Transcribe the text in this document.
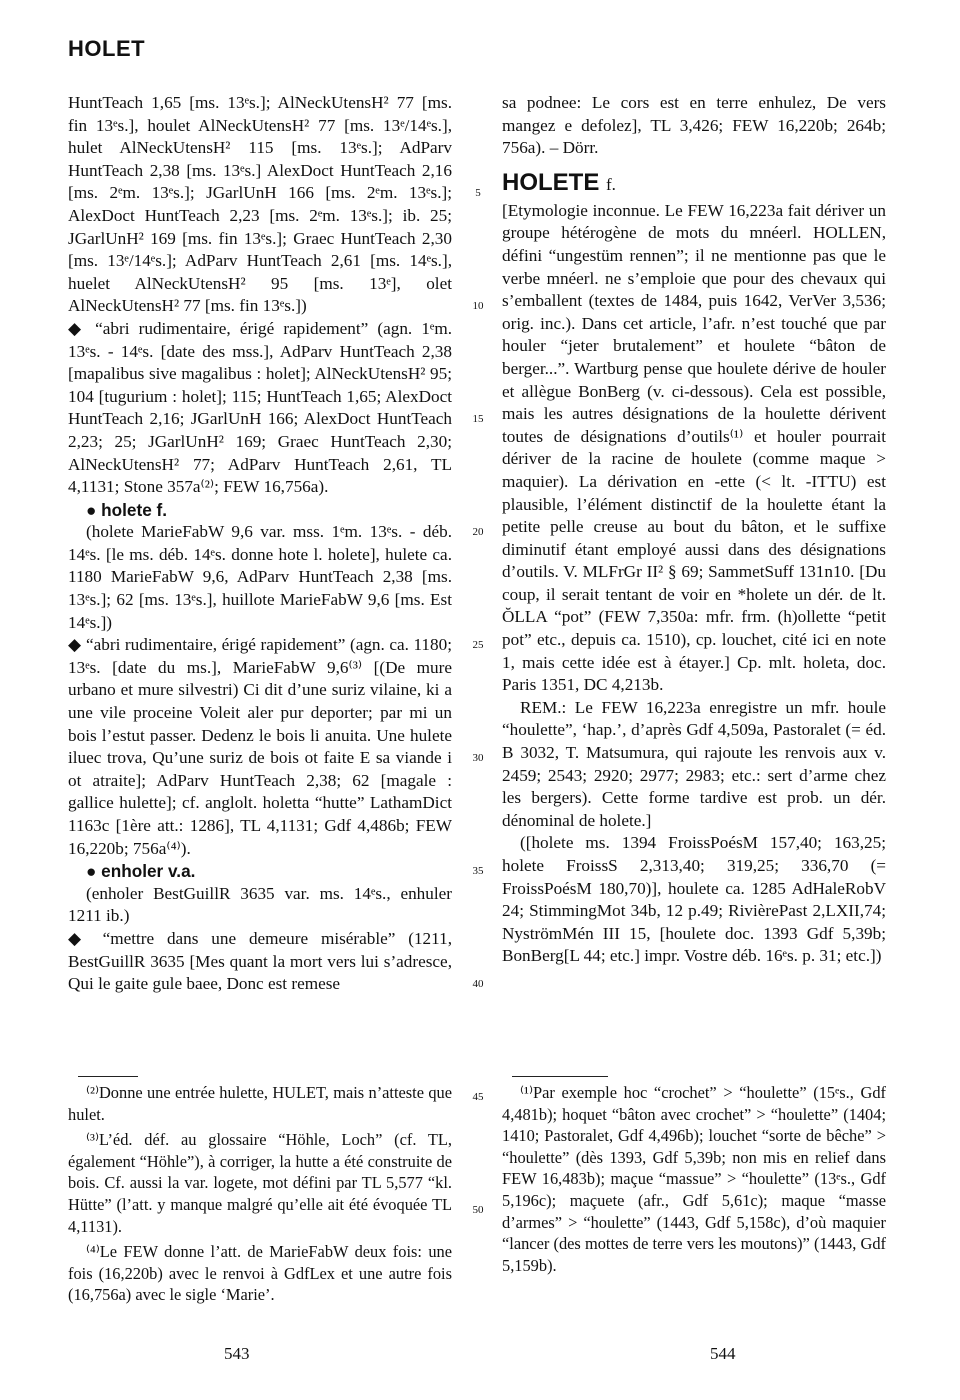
HOLET

HuntTeach 1,65 [ms. 13ᵉs.]; AlNeckUtensH² 77 [ms. fin 13ᵉs.], houlet AlNeckUtensH² 77 [ms. 13ᵉ/14ᵉs.], hulet AlNeckUtensH² 115 [ms. 13ᵉs.]; AdParv HuntTeach 2,38 [ms. 13ᵉs.] AlexDoct HuntTeach 2,16 [ms. 2ᵉm. 13ᵉs.]; JGarlUnH 166 [ms. 2ᵉm. 13ᵉs.]; AlexDoct HuntTeach 2,23 [ms. 2ᵉm. 13ᵉs.]; ib. 25; JGarlUnH² 169 [ms. fin 13ᵉs.]; Graec HuntTeach 2,30 [ms. 13ᵉ/14ᵉs.]; AdParv HuntTeach 2,61 [ms. 14ᵉs.], huelet AlNeckUtensH² 95 [ms. 13ᵉ], olet AlNeckUtensH² 77 [ms. fin 13ᵉs.])

◆ “abri rudimentaire, érigé rapidement” (agn. 1ᵉm. 13ᵉs. - 14ᵉs. [date des mss.], AdParv HuntTeach 2,38 [mapalibus sive magalibus : holet]; AlNeckUtensH² 95; 104 [tugurium : holet]; 115; HuntTeach 1,65; AlexDoct HuntTeach 2,16; JGarlUnH 166; AlexDoct HuntTeach 2,23; 25; JGarlUnH² 169; Graec HuntTeach 2,30; AlNeckUtensH² 77; AdParv HuntTeach 2,61, TL 4,1131; Stone 357a⁽²⁾; FEW 16,756a).

● holete f.

(holete MarieFabW 9,6 var. mss. 1ᵉm. 13ᵉs. - déb. 14ᵉs. [le ms. déb. 14ᵉs. donne hote l. holete], hulete ca. 1180 MarieFabW 9,6, AdParv HuntTeach 2,38 [ms. 13ᵉs.]; 62 [ms. 13ᵉs.], huillote MarieFabW 9,6 [ms. Est 14ᵉs.])

◆ “abri rudimentaire, érigé rapidement” (agn. ca. 1180; 13ᵉs. [date du ms.], MarieFabW 9,6⁽³⁾ [(De mure urbano et mure silvestri) Ci dit d’une suriz vilaine, ki a une vile proceine Voleit aler pur deporter; par mi un bois l’estut passer. Dedenz le bois li anuita. Une hulete iluec trova, Qu’une suriz de bois ot faite E sa viande i ot atraite]; AdParv HuntTeach 2,38; 62 [magale : gallice hulette]; cf. anglolt. holetta “hutte” LathamDict 1163c [1ère att.: 1286], TL 4,1131; Gdf 4,486b; FEW 16,220b; 756a⁽⁴⁾).

● enholer v.a.

(enholer BestGuillR 3635 var. ms. 14ᵉs., enhuler 1211 ib.)

◆ “mettre dans une demeure misérable” (1211, BestGuillR 3635 [Mes quant la mort vers lui s’adresce, Qui le gaite gule baee, Donc est remese

sa podnee: Le cors est en terre enhulez, De vers mangez e defolez], TL 3,426; FEW 16,220b; 264b; 756a). – Dörr.

HOLETE f.

[Etymologie inconnue. Le FEW 16,223a fait dériver un groupe hétérogène de mots du mnéerl. HOLLEN, défini “ungestüm rennen”; il ne mentionne pas que le verbe mnéerl. ne s’emploie que pour des chevaux qui s’emballent (textes de 1484, puis 1642, VerVer 3,536; orig. inc.). Dans cet article, l’afr. n’est touché que par houler “jeter brutalement” et houlete “bâton de berger...”. Wartburg pense que houlete dérive de houler et allègue BonBerg (v. ci-dessous). Cela est possible, mais les autres désignations de la houlette dérivent toutes de désignations d’outils⁽¹⁾ et houler pourrait dériver de la racine de houlete (comme maque > maquier). La dérivation en -ette (< lt. -ITTU) est plausible, l’élément distinctif de la houlette étant la petite pelle creuse au bout du bâton, et le suffixe diminutif étant employé aussi dans des désignations d’outils. V. MLFrGr II² § 69; SammetSuff 131n10. [Du coup, il serait tentant de voir en *holete un dér. de lt. ŎLLA “pot” (FEW 7,350a: mfr. frm. (h)ollette “petit pot” etc., depuis ca. 1510), cp. louchet, cité ici en note 1, mais cette idée est à étayer.] Cp. mlt. holeta, doc. Paris 1351, DC 4,213b.

REM.: Le FEW 16,223a enregistre un mfr. houle “houlette”, ‘hap.’, d’après Gdf 4,509a, Pastoralet (= éd. B 3032, T. Matsumura, qui rajoute les renvois aux v. 2459; 2543; 2920; 2977; 2983; etc.: sert d’arme chez les bergers). Cette forme tardive est prob. un dér. dénominal de holete.]

([holete ms. 1394 FroissPoésM 157,40; 163,25; holete FroissS 2,313,40; 319,25; 336,70 (= FroissPoésM 180,70)], houlete ca. 1285 AdHaleRobV 24; StimmingMot 34b, 12 p.49; RivièrePast 2,LXII,74; NyströmMén III 15, [houlete doc. 1393 Gdf 5,39b; BonBerg[L 44; etc.] impr. Vostre déb. 16ᵉs. p. 31; etc.])

5
10
15
20
25
30
35
40
45
50

⁽²⁾Donne une entrée hulette, HULET, mais n’atteste que hulet.

⁽³⁾L’éd. déf. au glossaire “Höhle, Loch” (cf. TL, également “Höhle”), à corriger, la hutte a été construite de bois. Cf. aussi la var. logete, mot défini par TL 5,577 “kl. Hütte” (l’att. y manque malgré qu’elle ait été évoquée TL 4,1131).

⁽⁴⁾Le FEW donne l’att. de MarieFabW deux fois: une fois (16,220b) avec le renvoi à GdfLex et une autre fois (16,756a) avec le sigle ‘Marie’.

⁽¹⁾Par exemple hoc “crochet” > “houlette” (15ᵉs., Gdf 4,481b); hoquet “bâton avec crochet” > “houlette” (1404; 1410; Pastoralet, Gdf 4,496b); louchet “sorte de bêche” > “houlette” (dès 1393, Gdf 5,39b; non mis en relief dans FEW 16,483b); maçue “massue” > “houlette” (13ᵉs., Gdf 5,196c); maçuete (afr., Gdf 5,61c); maque “masse d’armes” > “houlette” (1443, Gdf 5,158c), d’où maquier “lancer (des mottes de terre vers les moutons)” (1443, Gdf 5,159b).

543	544
